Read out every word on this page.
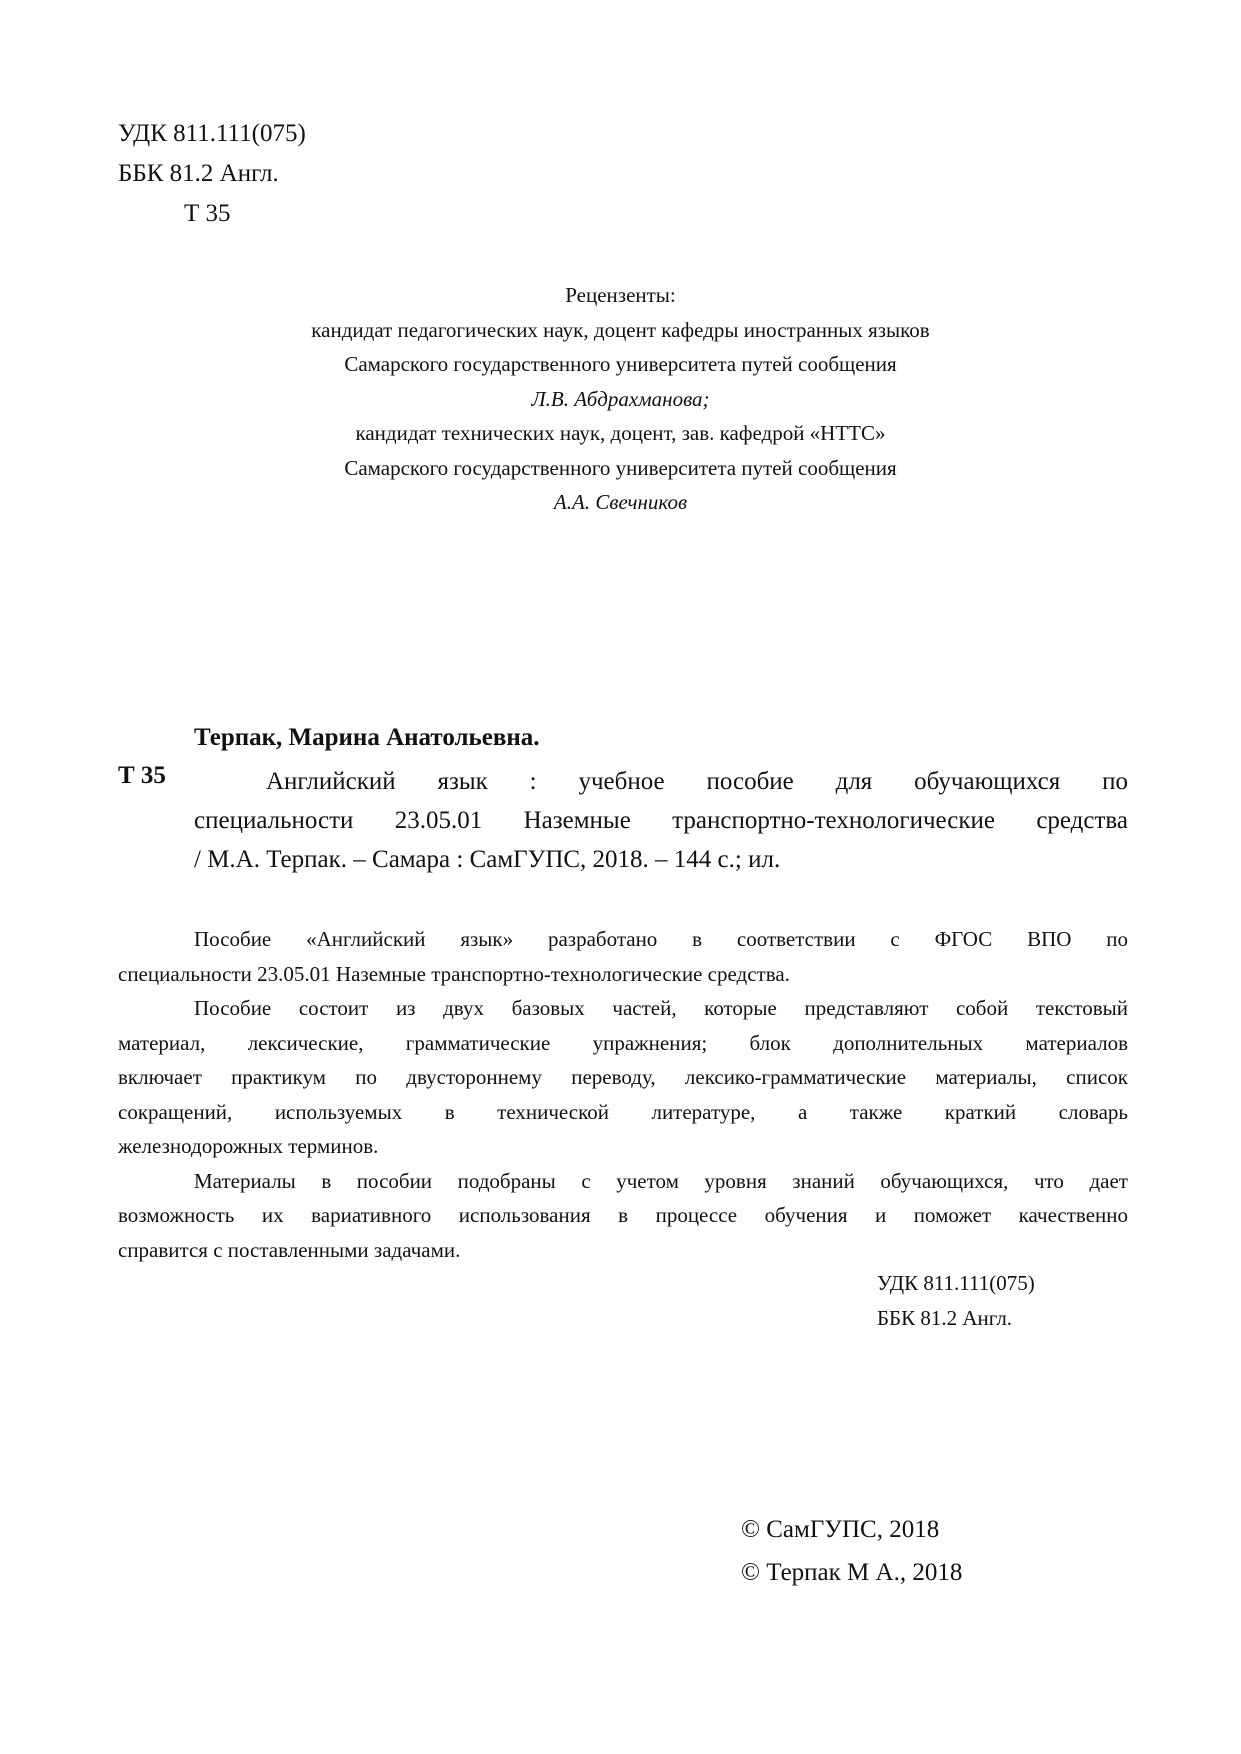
УДК 811.111(075)
ББК 81.2 Англ.
Т 35
Рецензенты:
кандидат педагогических наук, доцент кафедры иностранных языков
Самарского государственного университета путей сообщения
Л.В. Абдрахманова;
кандидат технических наук, доцент, зав. кафедрой «НТТС»
Самарского государственного университета путей сообщения
А.А. Свечников
Терпак, Марина Анатольевна.
Т 35	Английский язык : учебное пособие для обучающихся по
специальности 23.05.01 Наземные транспортно-технологические средства
/ М.А. Терпак. – Самара : СамГУПС, 2018. – 144 с.; ил.
Пособие «Английский язык» разработано в соответствии с ФГОС ВПО по
специальности 23.05.01 Наземные транспортно-технологические средства.
Пособие состоит из двух базовых частей, которые представляют собой текстовый
материал, лексические, грамматические упражнения; блок дополнительных материалов
включает практикум по двустороннему переводу, лексико-грамматические материалы, список
сокращений, используемых в технической литературе, а также краткий словарь
железнодорожных терминов.
Материалы в пособии подобраны с учетом уровня знаний обучающихся, что дает
возможность их вариативного использования в процессе обучения и поможет качественно
справится с поставленными задачами.
УДК 811.111(075)
ББК 81.2 Англ.
© СамГУПС, 2018
© Терпак М А., 2018
